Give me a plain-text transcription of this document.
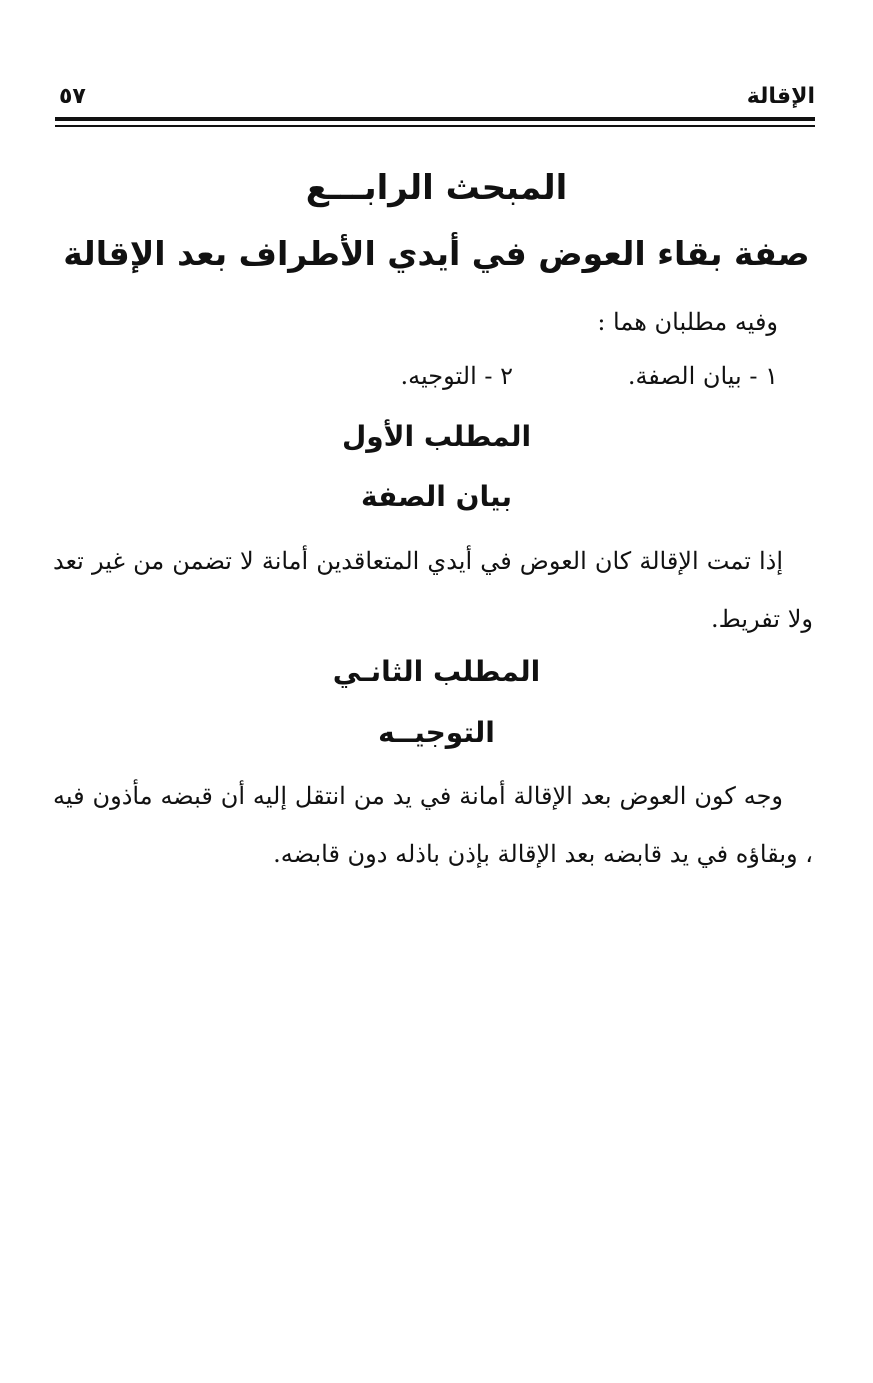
الإقالة
٥٧
المبحث الرابـــع
صفة بقاء العوض في أيدي الأطراف بعد الإقالة
وفيه مطلبان هما :
١ - بيان الصفة.
٢ - التوجيه.
المطلب الأول
بيان الصفة
إذا تمت الإقالة كان العوض في أيدي المتعاقدين أمانة لا تضمن من غير تعد ولا تفريط.
المطلب الثانـي
التوجيــه
وجه كون العوض بعد الإقالة أمانة في يد من انتقل إليه أن قبضه مأذون فيه ، وبقاؤه في يد قابضه بعد الإقالة بإذن باذله دون قابضه.
